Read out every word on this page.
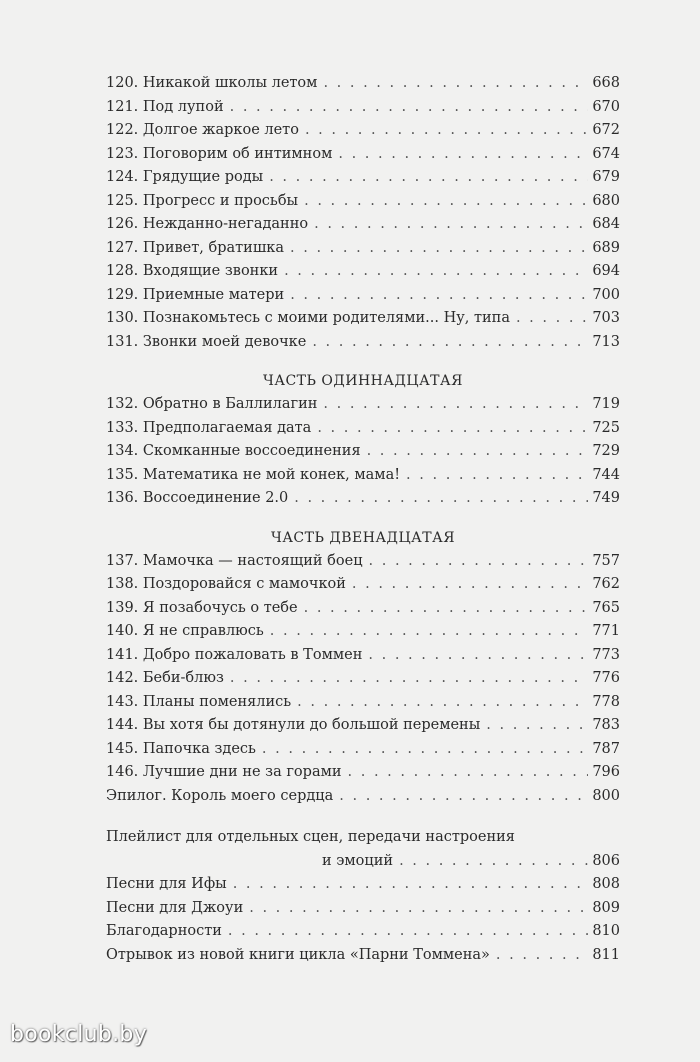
120. Никакой школы летом . . .	668
121. Под лупой . . .	670
122. Долгое жаркое лето . . .	672
123. Поговорим об интимном . . .	674
124. Грядущие роды . . .	679
125. Прогресс и просьбы . . .	680
126. Нежданно-негаданно . . .	684
127. Привет, братишка . . .	689
128. Входящие звонки . . .	694
129. Приемные матери . . .	700
130. Познакомьтесь с моими родителями... Ну, типа . . .	703
131. Звонки моей девочке . . .	713
ЧАСТЬ ОДИННАДЦАТАЯ
132. Обратно в Баллилагин . . .	719
133. Предполагаемая дата . . .	725
134. Скомканные воссоединения . . .	729
135. Математика не мой конек, мама! . . .	744
136. Воссоединение 2.0 . . .	749
ЧАСТЬ ДВЕНАДЦАТАЯ
137. Мамочка — настоящий боец . . .	757
138. Поздоровайся с мамочкой . . .	762
139. Я позабочусь о тебе . . .	765
140. Я не справлюсь . . .	771
141. Добро пожаловать в Томмен . . .	773
142. Беби-блюз . . .	776
143. Планы поменялись . . .	778
144. Вы хотя бы дотянули до большой перемены . . .	783
145. Папочка здесь . . .	787
146. Лучшие дни не за горами . . .	796
Эпилог. Король моего сердца . . .	800
Плейлист для отдельных сцен, передачи настроения
и эмоций . . .	806
Песни для Ифы . . .	808
Песни для Джоуи . . .	809
Благодарности . . .	810
Отрывок из новой книги цикла «Парни Томмена» . . .	811
bookclub.by
